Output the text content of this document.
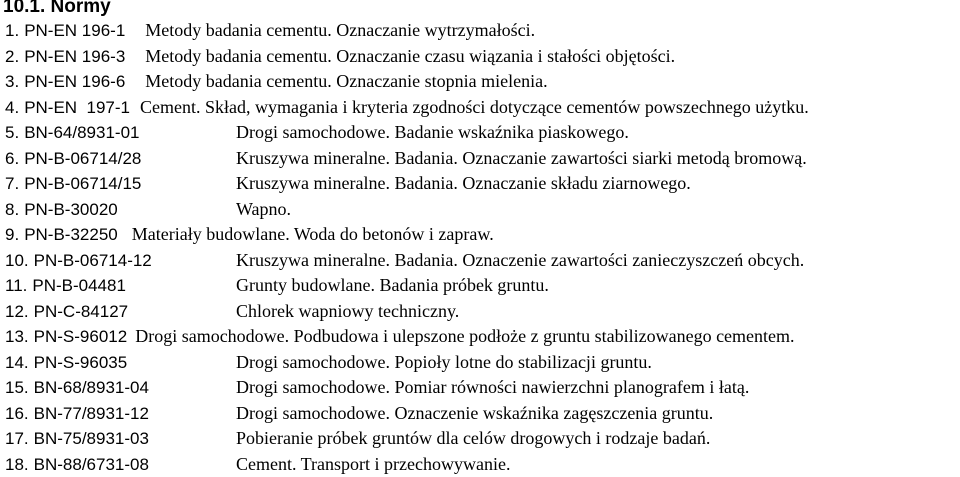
10.1. Normy
1. PN-EN 196-1 Metody badania cementu. Oznaczanie wytrzymałości.
2. PN-EN 196-3 Metody badania cementu. Oznaczanie czasu wiązania i stałości objętości.
3. PN-EN 196-6 Metody badania cementu. Oznaczanie stopnia mielenia.
4. PN-EN  197-1 Cement. Skład, wymagania i kryteria zgodności dotyczące cementów powszechnego użytku.
5. BN-64/8931-01	Drogi samochodowe. Badanie wskaźnika piaskowego.
6. PN-B-06714/28	Kruszywa mineralne. Badania. Oznaczanie zawartości siarki metodą bromową.
7. PN-B-06714/15	Kruszywa mineralne. Badania. Oznaczanie składu ziarnowego.
8. PN-B-30020	Wapno.
9. PN-B-32250 Materiały budowlane. Woda do betonów i zapraw.
10. PN-B-06714-12	Kruszywa mineralne. Badania. Oznaczenie zawartości zanieczyszczeń obcych.
11. PN-B-04481	Grunty budowlane. Badania próbek gruntu.
12. PN-C-84127	Chlorek wapniowy techniczny.
13. PN-S-96012 Drogi samochodowe. Podbudowa i ulepszone podłoże z gruntu stabilizowanego cementem.
14. PN-S-96035	Drogi samochodowe. Popioły lotne do stabilizacji gruntu.
15. BN-68/8931-04	Drogi samochodowe. Pomiar równości nawierzchni planografem i łatą.
16. BN-77/8931-12	Drogi samochodowe. Oznaczenie wskaźnika zagęszczenia gruntu.
17. BN-75/8931-03	Pobieranie próbek gruntów dla celów drogowych i rodzaje badań.
18. BN-88/6731-08	Cement. Transport i przechowywanie.
